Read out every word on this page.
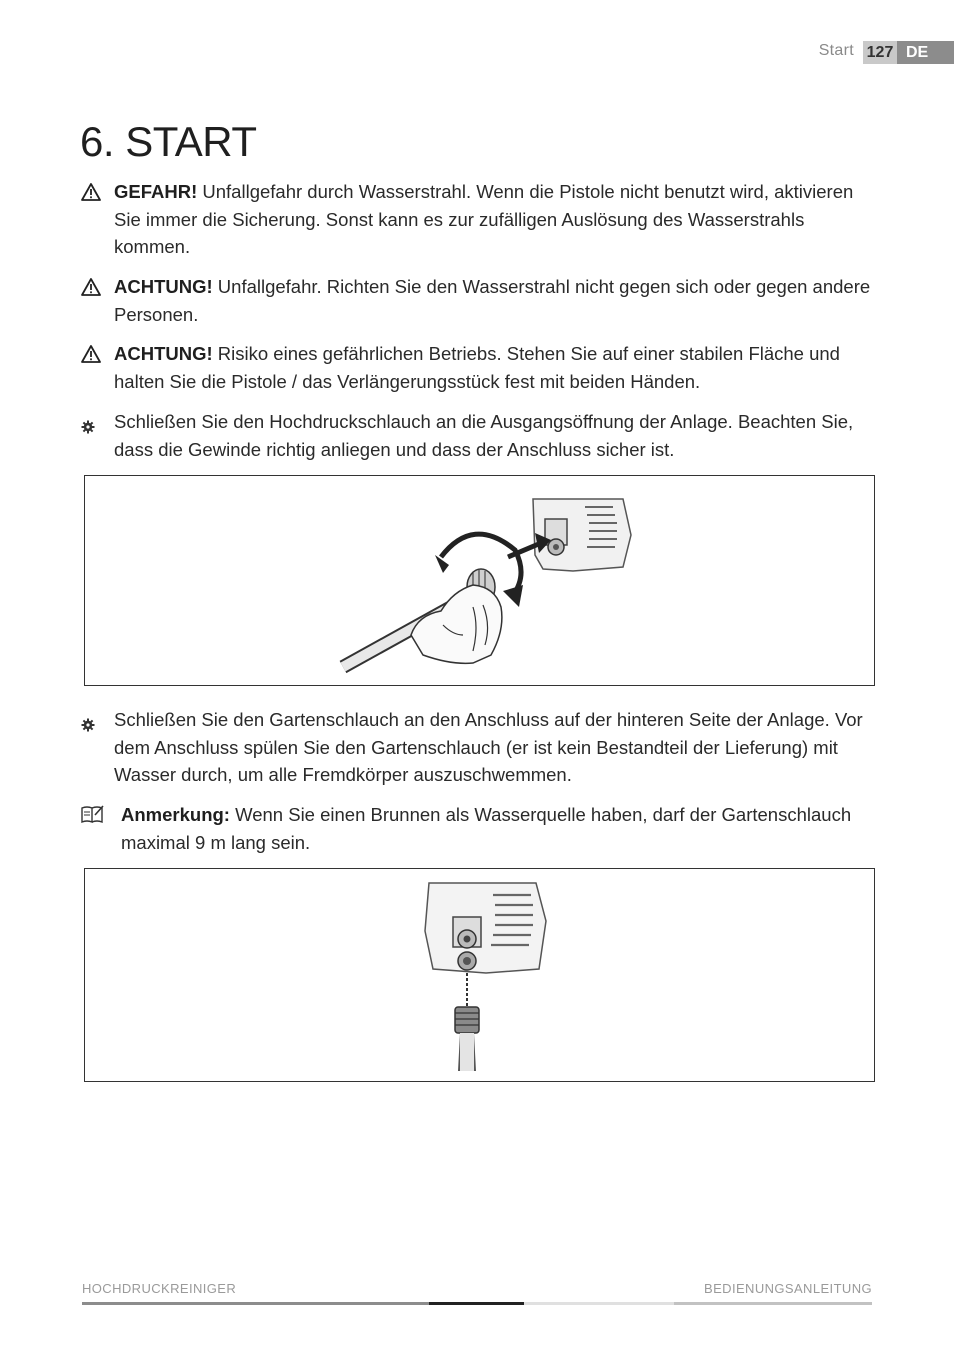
Start 127 DE
6. START
GEFAHR! Unfallgefahr durch Wasserstrahl. Wenn die Pistole nicht benutzt wird, aktivieren Sie immer die Sicherung. Sonst kann es zur zufälligen Auslösung des Wasserstrahls kommen.
ACHTUNG! Unfallgefahr. Richten Sie den Wasserstrahl nicht gegen sich oder gegen andere Personen.
ACHTUNG! Risiko eines gefährlichen Betriebs. Stehen Sie auf einer stabilen Fläche und halten Sie die Pistole / das Verlängerungsstück fest mit beiden Händen.
Schließen Sie den Hochdruckschlauch an die Ausgangsöffnung der Anlage. Beachten Sie, dass die Gewinde richtig anliegen und dass der Anschluss sicher ist.
Schließen Sie den Gartenschlauch an den Anschluss auf der hinteren Seite der Anlage. Vor dem Anschluss spülen Sie den Gartenschlauch (er ist kein Bestandteil der Lieferung) mit Wasser durch, um alle Fremdkörper auszuschwemmen.
Anmerkung: Wenn Sie einen Brunnen als Wasserquelle haben, darf der Gartenschlauch maximal 9 m lang sein.
HOCHDRUCKREINIGER	BEDIENUNGSANLEITUNG
